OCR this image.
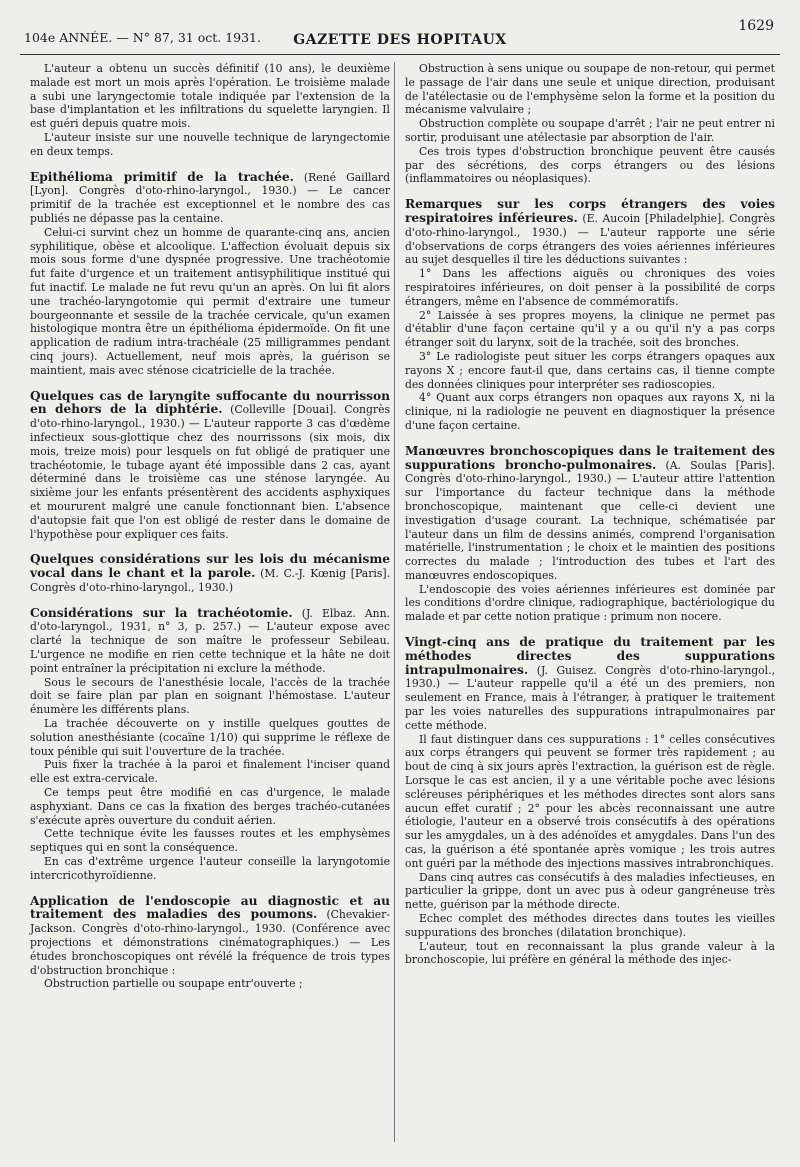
104e ANNÉE. — N° 87, 31 oct. 1931.	GAZETTE DES HOPITAUX
1629

L'auteur a obtenu un succès définitif (10 ans), le deuxième malade est mort un mois après l'opération. Le troisième malade a subi une laryngectomie totale indiquée par l'extension de la base d'implantation et les infiltrations du squelette laryngien. Il est guéri depuis quatre mois.

L'auteur insiste sur une nouvelle technique de laryngectomie en deux temps.

Epithélioma primitif de la trachée. (René Gaillard [Lyon]. Congrès d'oto-rhino-laryngol., 1930.) — Le cancer primitif de la trachée est exceptionnel et le nombre des cas publiés ne dépasse pas la centaine.

Celui-ci survint chez un homme de quarante-cinq ans, ancien syphilitique, obèse et alcoolique. L'affection évoluait depuis six mois sous forme d'une dyspnée progressive. Une trachéotomie fut faite d'urgence et un traitement antisyphilitique institué qui fut inactif. Le malade ne fut revu qu'un an après. On lui fit alors une trachéo-laryngotomie qui permit d'extraire une tumeur bourgeonnante et sessile de la trachée cervicale, qu'un examen histologique montra être un épithélioma épidermoïde. On fit une application de radium intra-trachéale (25 milligrammes pendant cinq jours). Actuellement, neuf mois après, la guérison se maintient, mais avec sténose cicatricielle de la trachée.

Quelques cas de laryngite suffocante du nourrisson en dehors de la diphtérie. (Colleville [Douai]. Congrès d'oto-rhino-laryngol., 1930.) — L'auteur rapporte 3 cas d'œdème infectieux sous-glottique chez des nourrissons (six mois, dix mois, treize mois) pour lesquels on fut obligé de pratiquer une trachéotomie, le tubage ayant été impossible dans 2 cas, ayant déterminé dans le troisième cas une sténose laryngée. Au sixième jour les enfants présentèrent des accidents asphyxiques et moururent malgré une canule fonctionnant bien. L'absence d'autopsie fait que l'on est obligé de rester dans le domaine de l'hypothèse pour expliquer ces faits.

Quelques considérations sur les lois du mécanisme vocal dans le chant et la parole. (M. C.-J. Kœnig [Paris]. Congrès d'oto-rhino-laryngol., 1930.)

Considérations sur la trachéotomie. (J. Elbaz. Ann. d'oto-laryngol., 1931, n° 3, p. 257.) — L'auteur expose avec clarté la technique de son maître le professeur Sebileau. L'urgence ne modifie en rien cette technique et la hâte ne doit point entraîner la précipitation ni exclure la méthode.

Sous le secours de l'anesthésie locale, l'accès de la trachée doit se faire plan par plan en soignant l'hémostase. L'auteur énumère les différents plans.

La trachée découverte on y instille quelques gouttes de solution anesthésiante (cocaïne 1/10) qui supprime le réflexe de toux pénible qui suit l'ouverture de la trachée.

Puis fixer la trachée à la paroi et finalement l'inciser quand elle est extra-cervicale.

Ce temps peut être modifié en cas d'urgence, le malade asphyxiant. Dans ce cas la fixation des berges trachéo-cutanées s'exécute après ouverture du conduit aérien.

Cette technique évite les fausses routes et les emphysèmes septiques qui en sont la conséquence.

En cas d'extrême urgence l'auteur conseille la laryngotomie intercricothyroïdienne.

Application de l'endoscopie au diagnostic et au traitement des maladies des poumons. (Chevakier-Jackson. Congrès d'oto-rhino-laryngol., 1930. (Conférence avec projections et démonstrations cinématographiques.) — Les études bronchoscopiques ont révélé la fréquence de trois types d'obstruction bronchique :

Obstruction partielle ou soupape entr'ouverte ;

Obstruction à sens unique ou soupape de non-retour, qui permet le passage de l'air dans une seule et unique direction, produisant de l'atélectasie ou de l'emphysème selon la forme et la position du mécanisme valvulaire ;

Obstruction complète ou soupape d'arrêt ; l'air ne peut entrer ni sortir, produisant une atélectasie par absorption de l'air.

Ces trois types d'obstruction bronchique peuvent être causés par des sécrétions, des corps étrangers ou des lésions (inflammatoires ou néoplasiques).

Remarques sur les corps étrangers des voies respiratoires inférieures. (E. Aucoin [Philadelphie]. Congrès d'oto-rhino-laryngol., 1930.) — L'auteur rapporte une série d'observations de corps étrangers des voies aériennes inférieures au sujet desquelles il tire les déductions suivantes :

1° Dans les affections aiguës ou chroniques des voies respiratoires inférieures, on doit penser à la possibilité de corps étrangers, même en l'absence de commémoratifs.

2° Laissée à ses propres moyens, la clinique ne permet pas d'établir d'une façon certaine qu'il y a ou qu'il n'y a pas corps étranger soit du larynx, soit de la trachée, soit des bronches.

3° Le radiologiste peut situer les corps étrangers opaques aux rayons X ; encore faut-il que, dans certains cas, il tienne compte des données cliniques pour interpréter ses radioscopies.

4° Quant aux corps étrangers non opaques aux rayons X, ni la clinique, ni la radiologie ne peuvent en diagnostiquer la présence d'une façon certaine.

Manœuvres bronchoscopiques dans le traitement des suppurations broncho-pulmonaires. (A. Soulas [Paris]. Congrès d'oto-rhino-laryngol., 1930.) — L'auteur attire l'attention sur l'importance du facteur technique dans la méthode bronchoscopique, maintenant que celle-ci devient une investigation d'usage courant. La technique, schématisée par l'auteur dans un film de dessins animés, comprend l'organisation matérielle, l'instrumentation ; le choix et le maintien des positions correctes du malade ; l'introduction des tubes et l'art des manœuvres endoscopiques.

L'endoscopie des voies aériennes inférieures est dominée par les conditions d'ordre clinique, radiographique, bactériologique du malade et par cette notion pratique : primum non nocere.

Vingt-cinq ans de pratique du traitement par les méthodes directes des suppurations intrapulmonaires. (J. Guisez. Congrès d'oto-rhino-laryngol., 1930.) — L'auteur rappelle qu'il a été un des premiers, non seulement en France, mais à l'étranger, à pratiquer le traitement par les voies naturelles des suppurations intrapulmonaires par cette méthode.

Il faut distinguer dans ces suppurations : 1° celles consécutives aux corps étrangers qui peuvent se former très rapidement ; au bout de cinq à six jours après l'extraction, la guérison est de règle. Lorsque le cas est ancien, il y a une véritable poche avec lésions scléreuses périphériques et les méthodes directes sont alors sans aucun effet curatif ; 2° pour les abcès reconnaissant une autre étiologie, l'auteur en a observé trois consécutifs à des opérations sur les amygdales, un à des adénoïdes et amygdales. Dans l'un des cas, la guérison a été spontanée après vomique ; les trois autres ont guéri par la méthode des injections massives intrabronchiques.

Dans cinq autres cas consécutifs à des maladies infectieuses, en particulier la grippe, dont un avec pus à odeur gangréneuse très nette, guérison par la méthode directe.

Echec complet des méthodes directes dans toutes les vieilles suppurations des bronches (dilatation bronchique).

L'auteur, tout en reconnaissant la plus grande valeur à la bronchoscopie, lui préfère en général la méthode des injec-
